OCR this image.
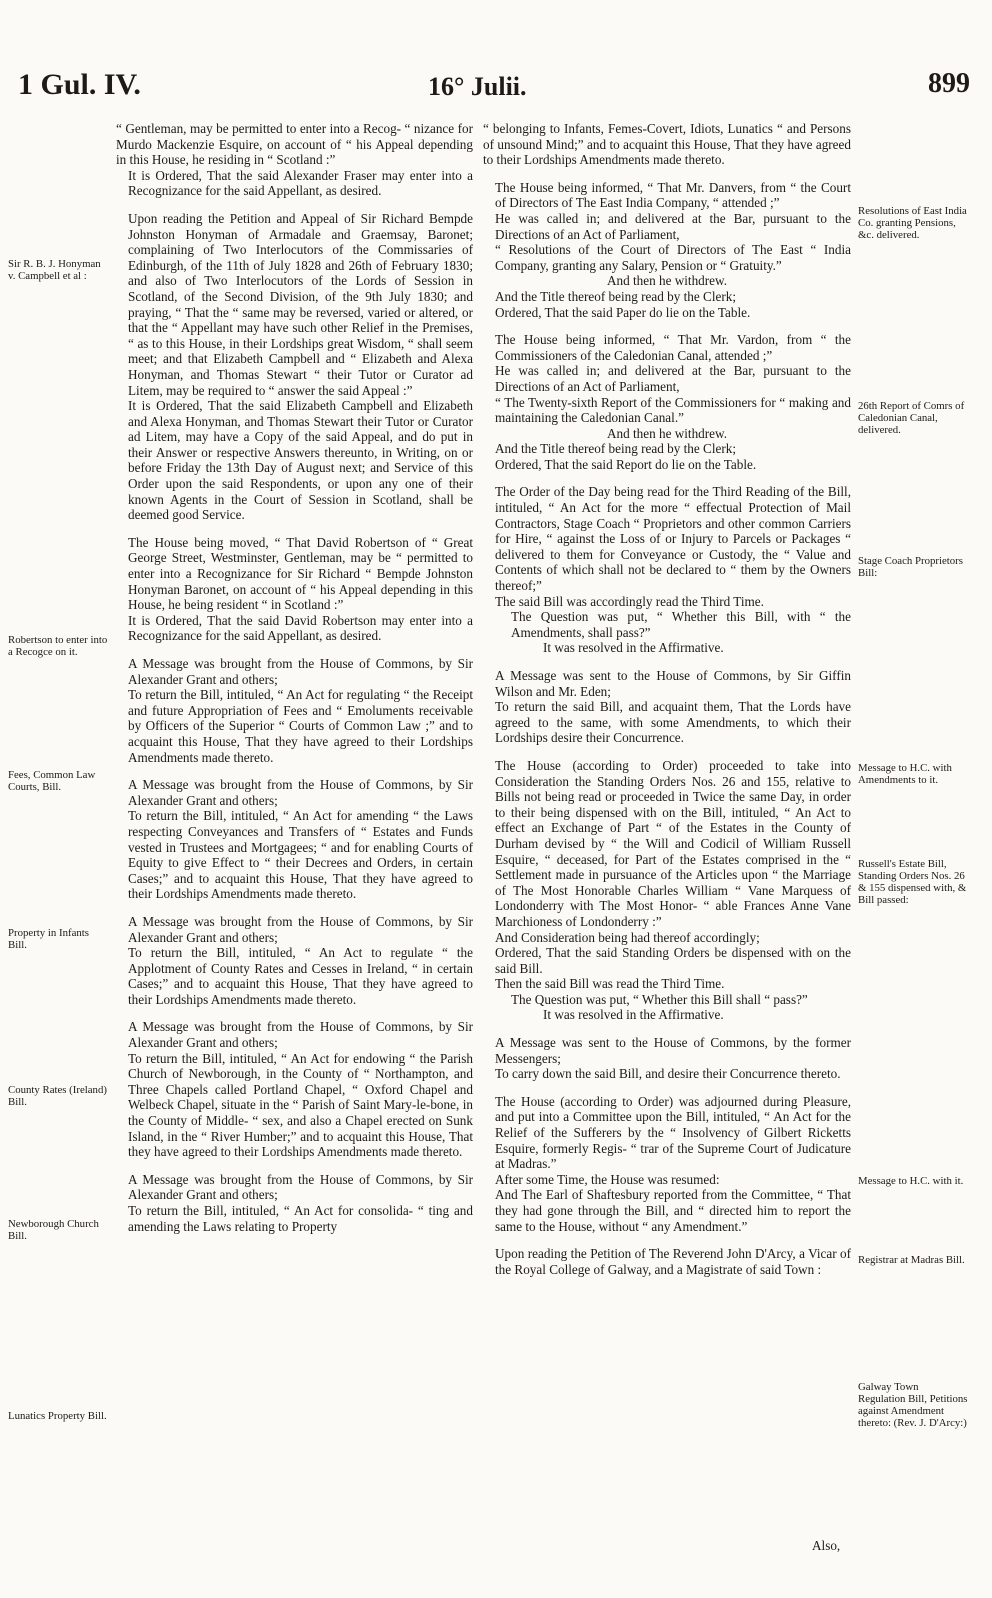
1 Gul. IV.	16° Julii.	899

“ Gentleman, may be permitted to enter into a Recog- “ nizance for Murdo Mackenzie Esquire, on account of “ his Appeal depending in this House, he residing in “ Scotland :”

It is Ordered, That the said Alexander Fraser may enter into a Recognizance for the said Appellant, as desired.

Upon reading the Petition and Appeal of Sir Richard Bempde Johnston Honyman of Armadale and Graemsay, Baronet; complaining of Two Interlocutors of the Commissaries of Edinburgh, of the 11th of July 1828 and 26th of February 1830; and also of Two Interlocutors of the Lords of Session in Scotland, of the Second Division, of the 9th July 1830; and praying, “ That the “ same may be reversed, varied or altered, or that the “ Appellant may have such other Relief in the Premises, “ as to this House, in their Lordships great Wisdom, “ shall seem meet; and that Elizabeth Campbell and “ Elizabeth and Alexa Honyman, and Thomas Stewart “ their Tutor or Curator ad Litem, may be required to “ answer the said Appeal :”

It is Ordered, That the said Elizabeth Campbell and Elizabeth and Alexa Honyman, and Thomas Stewart their Tutor or Curator ad Litem, may have a Copy of the said Appeal, and do put in their Answer or respective Answers thereunto, in Writing, on or before Friday the 13th Day of August next; and Service of this Order upon the said Respondents, or upon any one of their known Agents in the Court of Session in Scotland, shall be deemed good Service.

The House being moved, “ That David Robertson of “ Great George Street, Westminster, Gentleman, may be “ permitted to enter into a Recognizance for Sir Richard “ Bempde Johnston Honyman Baronet, on account of “ his Appeal depending in this House, he being resident “ in Scotland :”

It is Ordered, That the said David Robertson may enter into a Recognizance for the said Appellant, as desired.

A Message was brought from the House of Commons, by Sir Alexander Grant and others;

To return the Bill, intituled, “ An Act for regulating “ the Receipt and future Appropriation of Fees and “ Emoluments receivable by Officers of the Superior “ Courts of Common Law ;” and to acquaint this House, That they have agreed to their Lordships Amendments made thereto.

A Message was brought from the House of Commons, by Sir Alexander Grant and others;

To return the Bill, intituled, “ An Act for amending “ the Laws respecting Conveyances and Transfers of “ Estates and Funds vested in Trustees and Mortgagees; “ and for enabling Courts of Equity to give Effect to “ their Decrees and Orders, in certain Cases;” and to acquaint this House, That they have agreed to their Lordships Amendments made thereto.

A Message was brought from the House of Commons, by Sir Alexander Grant and others;

To return the Bill, intituled, “ An Act to regulate “ the Applotment of County Rates and Cesses in Ireland, “ in certain Cases;” and to acquaint this House, That they have agreed to their Lordships Amendments made thereto.

A Message was brought from the House of Commons, by Sir Alexander Grant and others;

To return the Bill, intituled, “ An Act for endowing “ the Parish Church of Newborough, in the County of “ Northampton, and Three Chapels called Portland Chapel, “ Oxford Chapel and Welbeck Chapel, situate in the “ Parish of Saint Mary-le-bone, in the County of Middle- “ sex, and also a Chapel erected on Sunk Island, in the “ River Humber;” and to acquaint this House, That they have agreed to their Lordships Amendments made thereto.

A Message was brought from the House of Commons, by Sir Alexander Grant and others;

To return the Bill, intituled, “ An Act for consolida- “ ting and amending the Laws relating to Property

“ belonging to Infants, Femes-Covert, Idiots, Lunatics “ and Persons of unsound Mind;” and to acquaint this House, That they have agreed to their Lordships Amendments made thereto.

The House being informed, “ That Mr. Danvers, from “ the Court of Directors of The East India Company, “ attended ;”

He was called in; and delivered at the Bar, pursuant to the Directions of an Act of Parliament,

“ Resolutions of the Court of Directors of The East “ India Company, granting any Salary, Pension or “ Gratuity.”

And then he withdrew.

And the Title thereof being read by the Clerk;

Ordered, That the said Paper do lie on the Table.

The House being informed, “ That Mr. Vardon, from “ the Commissioners of the Caledonian Canal, attended ;”

He was called in; and delivered at the Bar, pursuant to the Directions of an Act of Parliament,

“ The Twenty-sixth Report of the Commissioners for “ making and maintaining the Caledonian Canal.”

And then he withdrew.

And the Title thereof being read by the Clerk;

Ordered, That the said Report do lie on the Table.

The Order of the Day being read for the Third Reading of the Bill, intituled, “ An Act for the more “ effectual Protection of Mail Contractors, Stage Coach “ Proprietors and other common Carriers for Hire, “ against the Loss of or Injury to Parcels or Packages “ delivered to them for Conveyance or Custody, the “ Value and Contents of which shall not be declared to “ them by the Owners thereof;”

The said Bill was accordingly read the Third Time.

The Question was put, “ Whether this Bill, with “ the Amendments, shall pass?”

It was resolved in the Affirmative.

A Message was sent to the House of Commons, by Sir Giffin Wilson and Mr. Eden;

To return the said Bill, and acquaint them, That the Lords have agreed to the same, with some Amendments, to which their Lordships desire their Concurrence.

The House (according to Order) proceeded to take into Consideration the Standing Orders Nos. 26 and 155, relative to Bills not being read or proceeded in Twice the same Day, in order to their being dispensed with on the Bill, intituled, “ An Act to effect an Exchange of Part “ of the Estates in the County of Durham devised by “ the Will and Codicil of William Russell Esquire, “ deceased, for Part of the Estates comprised in the “ Settlement made in pursuance of the Articles upon “ the Marriage of The Most Honorable Charles William “ Vane Marquess of Londonderry with The Most Honor- “ able Frances Anne Vane Marchioness of Londonderry :”

And Consideration being had thereof accordingly;

Ordered, That the said Standing Orders be dispensed with on the said Bill.

Then the said Bill was read the Third Time.

The Question was put, “ Whether this Bill shall “ pass?”

It was resolved in the Affirmative.

A Message was sent to the House of Commons, by the former Messengers;

To carry down the said Bill, and desire their Concurrence thereto.

The House (according to Order) was adjourned during Pleasure, and put into a Committee upon the Bill, intituled, “ An Act for the Relief of the Sufferers by the “ Insolvency of Gilbert Ricketts Esquire, formerly Regis- “ trar of the Supreme Court of Judicature at Madras.”

After some Time, the House was resumed:

And The Earl of Shaftesbury reported from the Committee, “ That they had gone through the Bill, and “ directed him to report the same to the House, without “ any Amendment.”

Upon reading the Petition of The Reverend John D'Arcy, a Vicar of the Royal College of Galway, and a Magistrate of said Town :

Sir R. B. J. Honyman v. Campbell et al :
Robertson to enter into a Recogce on it.
Fees, Common Law Courts, Bill.
Property in Infants Bill.
County Rates (Ireland) Bill.
Newborough Church Bill.
Lunatics Property Bill.
Resolutions of East India Co. granting Pensions, &c. delivered.
26th Report of Comrs of Caledonian Canal, delivered.
Stage Coach Proprietors Bill:
Message to H.C. with Amendments to it.
Russell's Estate Bill, Standing Orders Nos. 26 & 155 dispensed with, & Bill passed:
Message to H.C. with it.
Registrar at Madras Bill.
Galway Town Regulation Bill, Petitions against Amendment thereto: (Rev. J. D'Arcy:)
Also,
